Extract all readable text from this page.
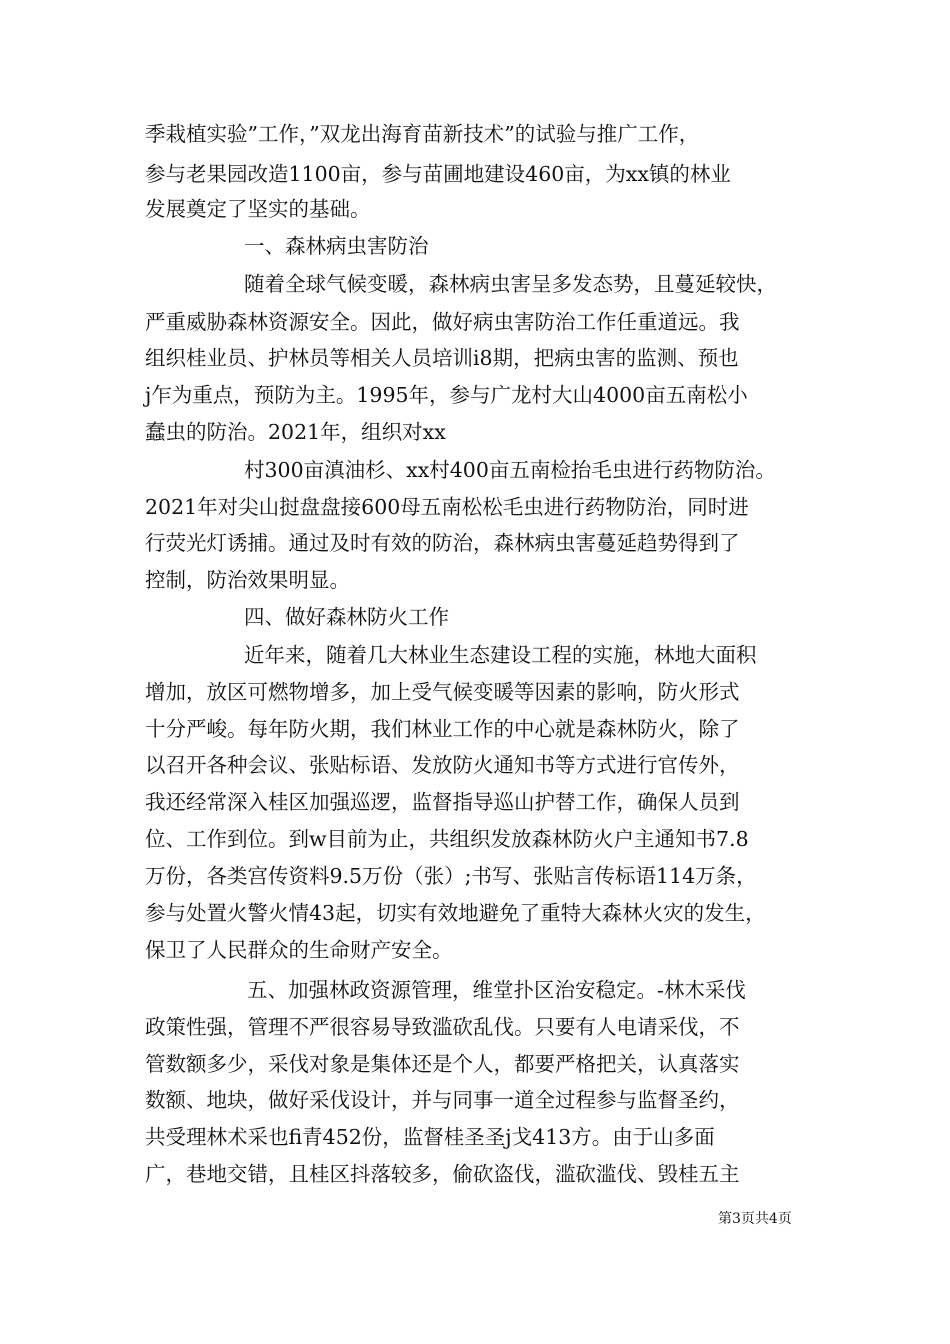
季栽植实验”工作，”双龙出海育苗新技术”的试验与推广工作，
参与老果园改造1100亩，参与苗圃地建设460亩，为xx镇的林业
发展奠定了坚实的基础。
一、森林病虫害防治
随着全球气候变暖，森林病虫害呈多发态势，且蔓延较快，
严重威胁森林资源安全。因此，做好病虫害防治工作任重道远。我
组织桂业员、护林员等相关人员培训i8期，把病虫害的监测、预也
j乍为重点，预防为主。1995年，参与广龙村大山4000亩五南松小
蠢虫的防治。2021年，组织对xx
村300亩滇油杉、xx村400亩五南检抬毛虫进行药物防治。
2021年对尖山挝盘盘接600母五南松松毛虫进行药物防治，同时进
行荧光灯诱捕。通过及时有效的防治，森林病虫害蔓延趋势得到了
控制，防治效果明显。
四、做好森林防火工作
近年来，随着几大林业生态建设工程的实施，林地大面积
增加，放区可燃物增多，加上受气候变暖等因素的影响，防火形式
十分严峻。每年防火期，我们林业工作的中心就是森林防火，除了
以召开各种会议、张贴标语、发放防火通知书等方式进行官传外，
我还经常深入桂区加强巡逻，监督指导巡山护替工作，确保人员到
位、工作到位。到w目前为止，共组织发放森林防火户主通知书7.8
万份，各类宫传资料9.5万份（张）;书写、张贴言传标语114万条，
参与处置火警火情43起，切实有效地避免了重特大森林火灾的发生，
保卫了人民群众的生命财产安全。
五、加强林政资源管理，维堂扑区治安稳定。-林木采伐
政策性强，管理不严很容易导致滥砍乱伐。只要有人电请采伐，不
管数额多少，采伐对象是集体还是个人，都要严格把关，认真落实
数额、地块，做好采伐设计，并与同事一道全过程参与监督圣约，
共受理林术采也fi青452份，监督桂圣圣j戈413方。由于山多面
广，巷地交错，且桂区抖落较多，偷砍盗伐，滥砍滥伐、毁桂五主
第3页共4页
